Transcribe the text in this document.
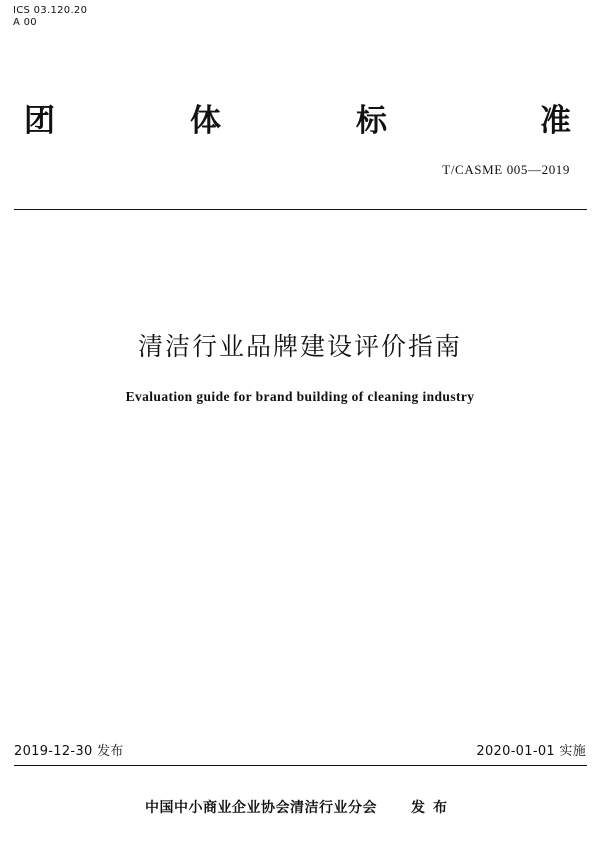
ICS 03.120.20
A 00
团	体	标	准
T/CASME 005—2019
清洁行业品牌建设评价指南
Evaluation guide for brand building of cleaning industry
2019-12-30 发布	2020-01-01 实施
中国中小商业企业协会清洁行业分会 发布
